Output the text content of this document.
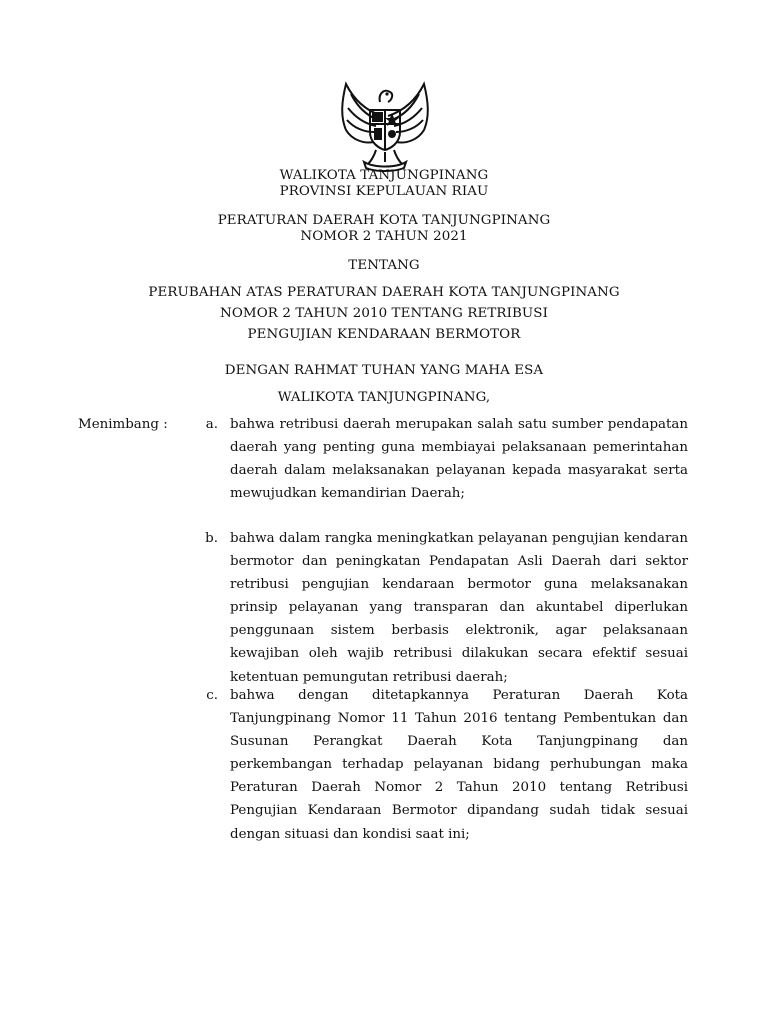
WALIKOTA TANJUNGPINANG
PROVINSI KEPULAUAN RIAU
PERATURAN DAERAH KOTA TANJUNGPINANG
NOMOR 2 TAHUN 2021
TENTANG
PERUBAHAN ATAS PERATURAN DAERAH KOTA TANJUNGPINANG
NOMOR 2 TAHUN 2010 TENTANG RETRIBUSI
PENGUJIAN KENDARAAN BERMOTOR
DENGAN RAHMAT TUHAN YANG MAHA ESA
WALIKOTA TANJUNGPINANG,
Menimbang :	a. bahwa retribusi daerah merupakan salah satu sumber pendapatan daerah yang penting guna membiayai pelaksanaan pemerintahan daerah dalam melaksanakan pelayanan kepada masyarakat serta mewujudkan kemandirian Daerah;
b. bahwa dalam rangka meningkatkan pelayanan pengujian kendaran bermotor dan peningkatan Pendapatan Asli Daerah dari sektor retribusi pengujian kendaraan bermotor guna melaksanakan prinsip pelayanan yang transparan dan akuntabel diperlukan penggunaan sistem berbasis elektronik, agar pelaksanaan kewajiban oleh wajib retribusi dilakukan secara efektif sesuai ketentuan pemungutan retribusi daerah;
c. bahwa dengan ditetapkannya Peraturan Daerah Kota Tanjungpinang Nomor 11 Tahun 2016 tentang Pembentukan dan Susunan Perangkat Daerah Kota Tanjungpinang dan perkembangan terhadap pelayanan bidang perhubungan maka Peraturan Daerah Nomor 2 Tahun 2010 tentang Retribusi Pengujian Kendaraan Bermotor dipandang sudah tidak sesuai dengan situasi dan kondisi saat ini;
